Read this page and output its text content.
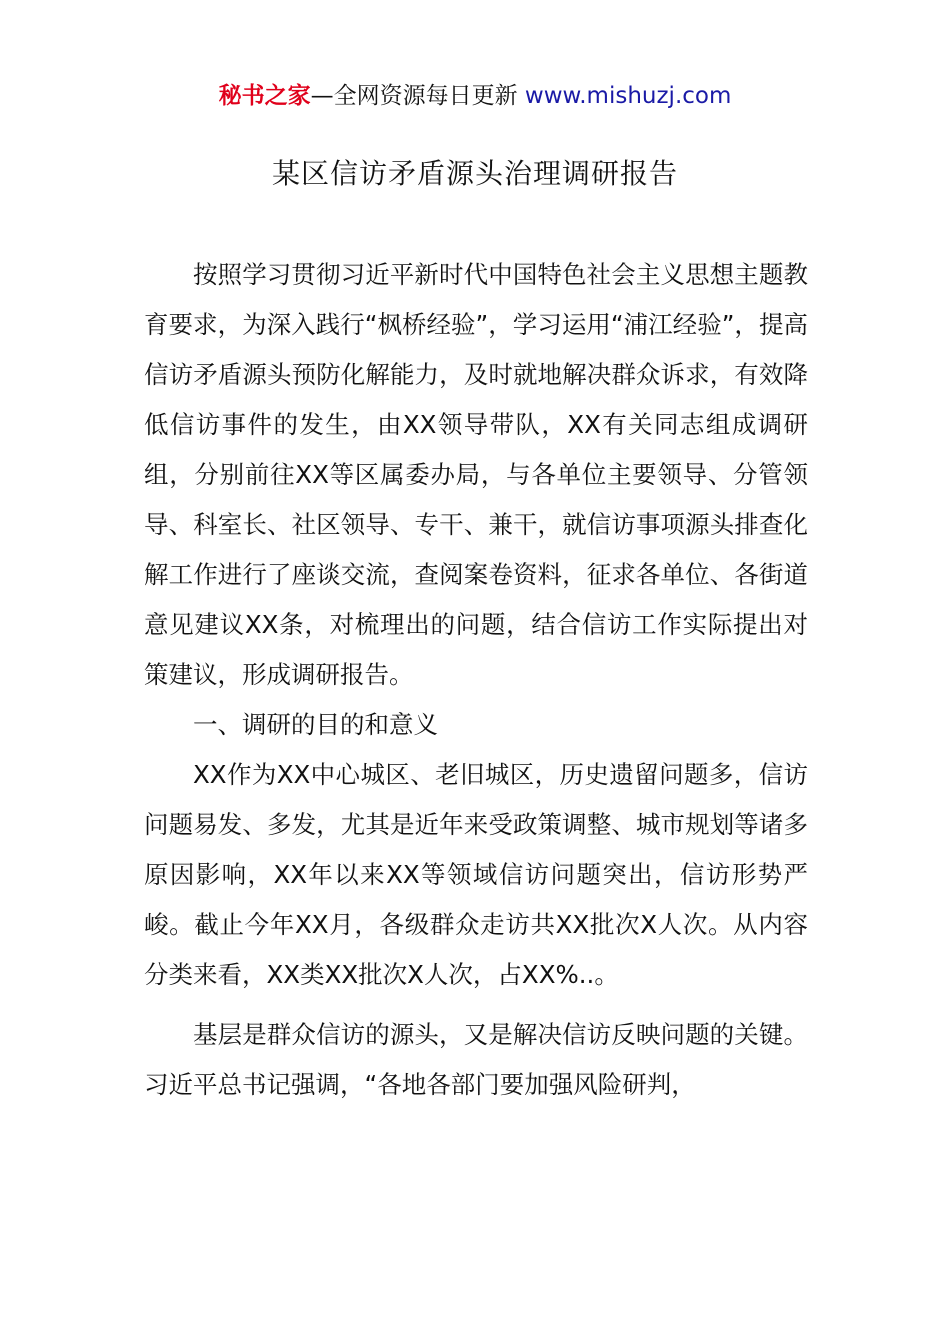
秘书之家—全网资源每日更新 www.mishuzj.com
某区信访矛盾源头治理调研报告

按照学习贯彻习近平新时代中国特色社会主义思想主题教育要求，为深入践行“枫桥经验”，学习运用“浦江经验”，提高信访矛盾源头预防化解能力，及时就地解决群众诉求，有效降低信访事件的发生，由XX领导带队，XX有关同志组成调研组，分别前往XX等区属委办局，与各单位主要领导、分管领导、科室长、社区领导、专干、兼干，就信访事项源头排查化解工作进行了座谈交流，查阅案卷资料，征求各单位、各街道意见建议XX条，对梳理出的问题，结合信访工作实际提出对策建议，形成调研报告。

一、调研的目的和意义

XX作为XX中心城区、老旧城区，历史遗留问题多，信访问题易发、多发，尤其是近年来受政策调整、城市规划等诸多原因影响，XX年以来XX等领域信访问题突出，信访形势严峻。截止今年XX月，各级群众走访共XX批次X人次。从内容分类来看，XX类XX批次X人次，占XX%..。

基层是群众信访的源头，又是解决信访反映问题的关键。习近平总书记强调，“各地各部门要加强风险研判，
